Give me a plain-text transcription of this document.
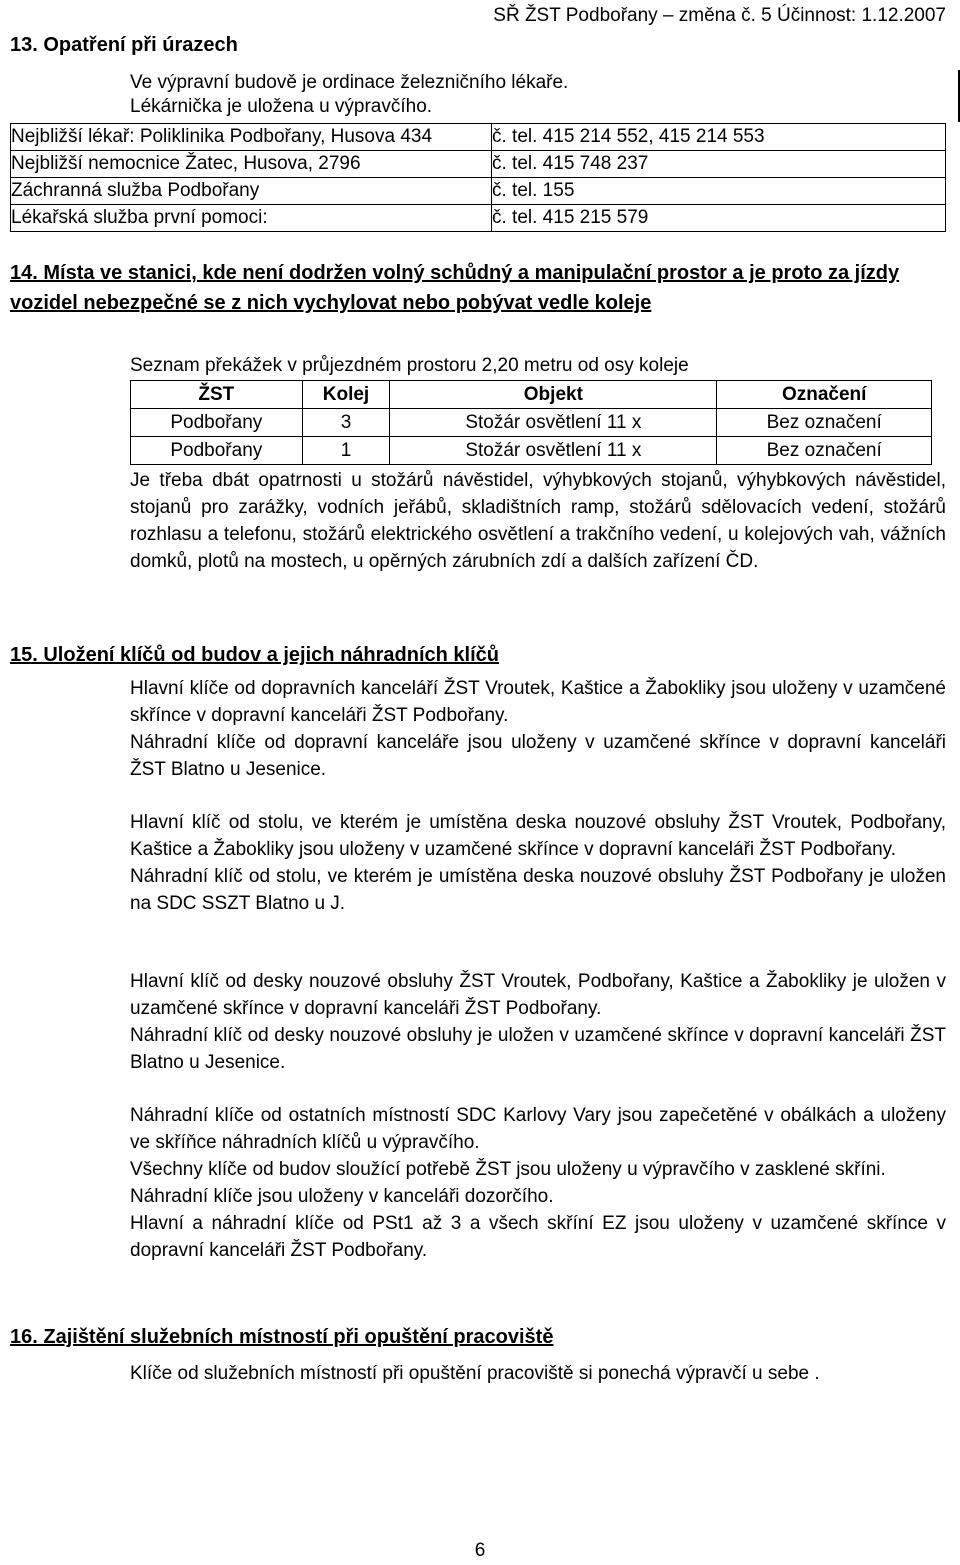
SŘ ŽST Podbořany – změna č. 5 Účinnost: 1.12.2007
13. Opatření při úrazech
Ve výpravní budově je ordinace železničního lékaře.
Lékárnička je uložena u výpravčího.
Nejbližší lékař: Poliklinika Podbořany, Husova 434	č. tel. 415 214 552, 415 214 553
Nejbližší nemocnice Žatec, Husova, 2796	č. tel. 415 748 237
Záchranná služba Podbořany	č. tel. 155
Lékařská služba první pomoci:	č. tel. 415 215 579
14. Místa ve stanici, kde není dodržen volný schůdný a manipulační prostor a je proto za jízdy vozidel nebezpečné se z nich vychylovat nebo pobývat vedle koleje
Seznam překážek v průjezdném prostoru 2,20 metru od osy koleje
ŽST	Kolej	Objekt	Označení
Podbořany	3	Stožár osvětlení 11 x	Bez označení
Podbořany	1	Stožár osvětlení 11 x	Bez označení

Je třeba dbát opatrnosti u stožárů návěstidel, výhybkových stojanů, výhybkových návěstidel, stojanů pro zarážky, vodních jeřábů, skladištních ramp, stožárů sdělovacích vedení, stožárů rozhlasu a telefonu, stožárů elektrického osvětlení a trakčního vedení, u kolejových vah, vážních domků, plotů na mostech, u opěrných zárubních zdí a dalších zařízení ČD.

15. Uložení klíčů od budov a jejich náhradních klíčů

Hlavní klíče od dopravních kanceláří ŽST Vroutek, Kaštice a Žabokliky jsou uloženy v uzamčené skřínce v dopravní kanceláři ŽST Podbořany.

Náhradní klíče od dopravní kanceláře jsou uloženy v uzamčené skřínce v dopravní kanceláři ŽST Blatno u Jesenice.

Hlavní klíč od stolu, ve kterém je umístěna deska nouzové obsluhy ŽST Vroutek, Podbořany, Kaštice a Žabokliky jsou uloženy v uzamčené skřínce v dopravní kanceláři ŽST Podbořany.

Náhradní klíč od stolu, ve kterém je umístěna deska nouzové obsluhy ŽST Podbořany je uložen na SDC SSZT Blatno u J.

Hlavní klíč od desky nouzové obsluhy ŽST Vroutek, Podbořany, Kaštice a Žabokliky je uložen v uzamčené skřínce v dopravní kanceláři ŽST Podbořany.

Náhradní klíč od desky nouzové obsluhy je uložen v uzamčené skřínce v dopravní kanceláři ŽST Blatno u Jesenice.

Náhradní klíče od ostatních místností SDC Karlovy Vary jsou zapečetěné v obálkách a uloženy ve skříňce náhradních klíčů u výpravčího.

Všechny klíče od budov sloužící potřebě ŽST jsou uloženy u výpravčího v zasklené skříni.

Náhradní klíče jsou uloženy v kanceláři dozorčího.

Hlavní a náhradní klíče od PSt1 až 3 a všech skříní EZ jsou uloženy v uzamčené skřínce v dopravní kanceláři ŽST Podbořany.

16. Zajištění služebních místností při opuštění pracoviště

Klíče od služebních místností při opuštění pracoviště si ponechá výpravčí u sebe .

6
